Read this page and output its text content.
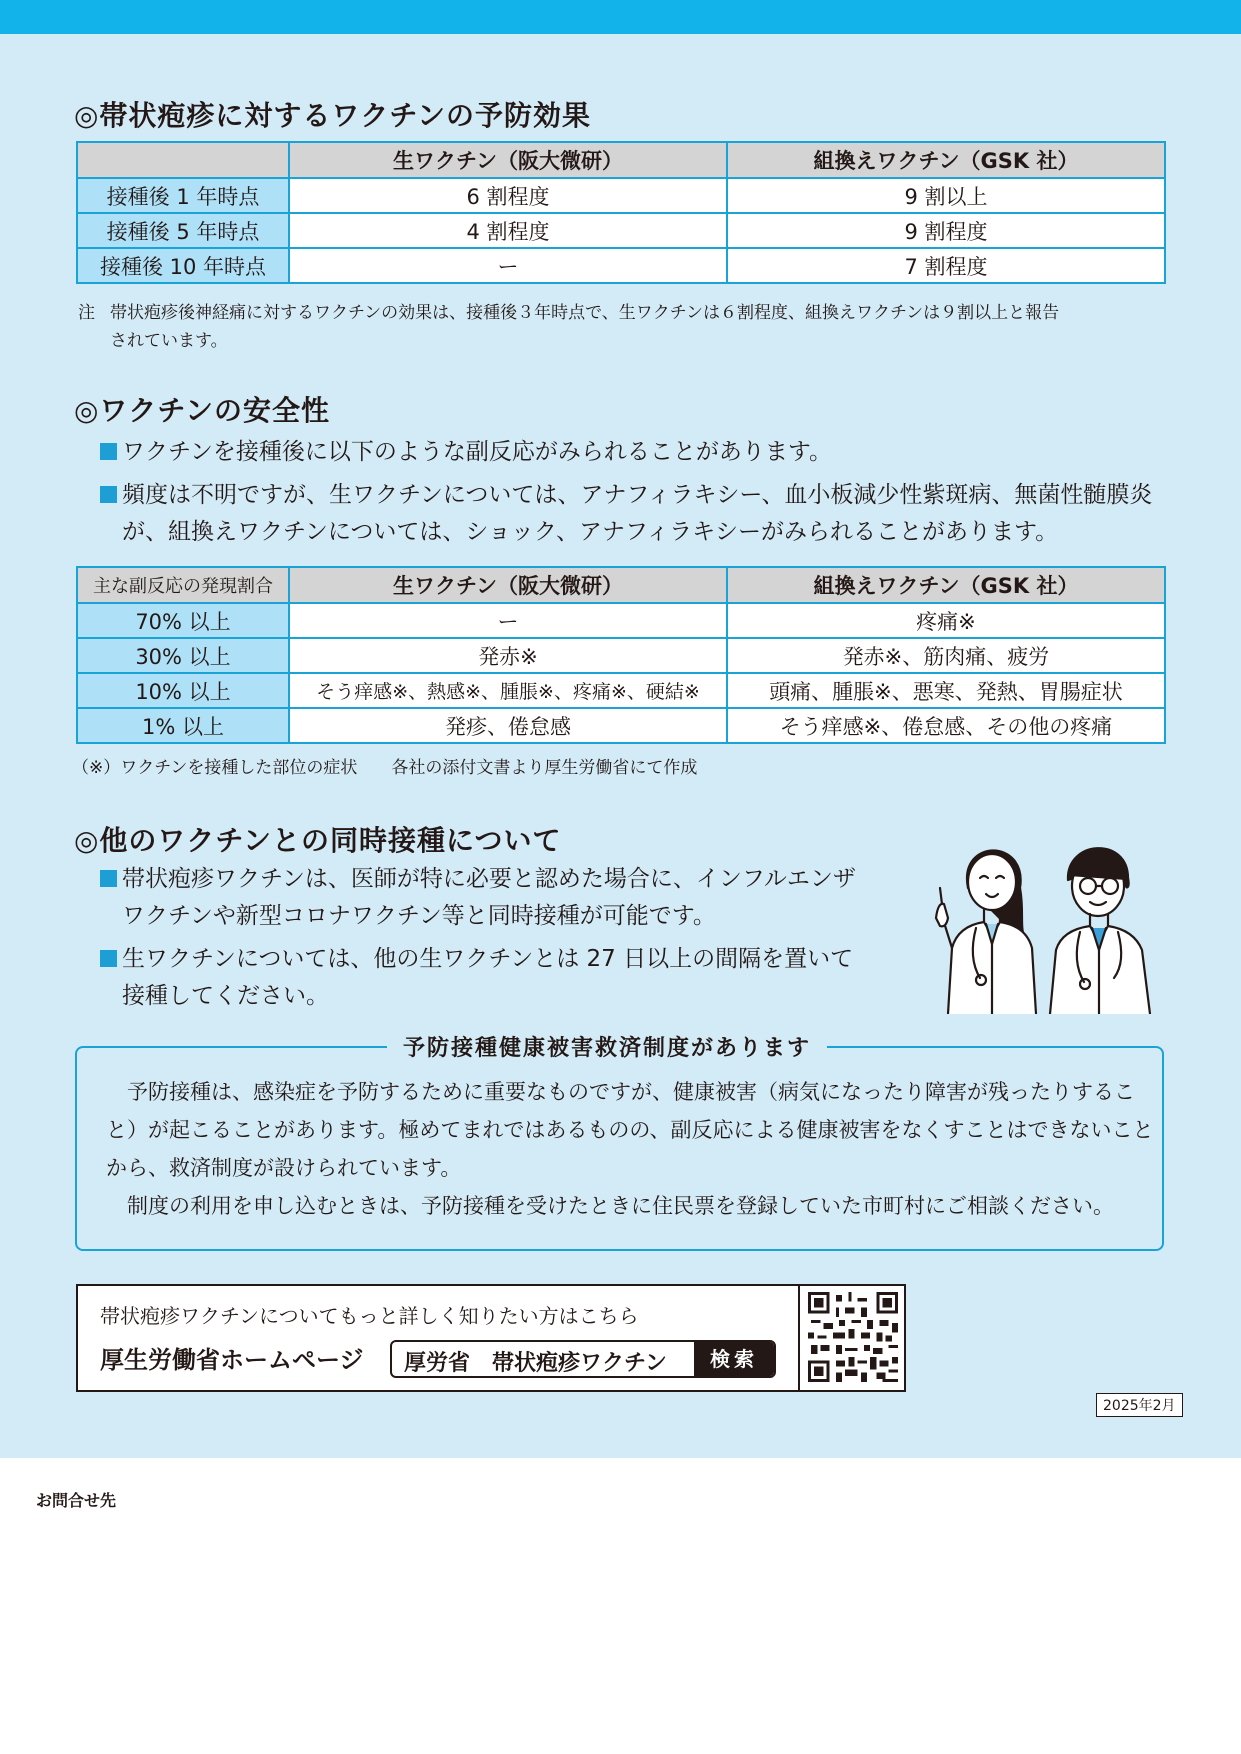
◎帯状疱疹に対するワクチンの予防効果
	生ワクチン（阪大微研）	組換えワクチン（GSK 社）
接種後 1 年時点	6 割程度	9 割以上
接種後 5 年時点	4 割程度	9 割程度
接種後 10 年時点	ー	7 割程度
注 帯状疱疹後神経痛に対するワクチンの効果は、接種後３年時点で、生ワクチンは６割程度、組換えワクチンは９割以上と報告
されています。
◎ワクチンの安全性
ワクチンを接種後に以下のような副反応がみられることがあります。
頻度は不明ですが、生ワクチンについては、アナフィラキシー、血小板減少性紫斑病、無菌性髄膜炎が、組換えワクチンについては、ショック、アナフィラキシーがみられることがあります。
主な副反応の発現割合	生ワクチン（阪大微研）	組換えワクチン（GSK 社）
70% 以上	ー	疼痛※
30% 以上	発赤※	発赤※、筋肉痛、疲労
10% 以上	そう痒感※、熱感※、腫脹※、疼痛※、硬結※	頭痛、腫脹※、悪寒、発熱、胃腸症状
1% 以上	発疹、倦怠感	そう痒感※、倦怠感、その他の疼痛
（※）ワクチンを接種した部位の症状　　各社の添付文書より厚生労働省にて作成
◎他のワクチンとの同時接種について
帯状疱疹ワクチンは、医師が特に必要と認めた場合に、インフルエンザ
ワクチンや新型コロナワクチン等と同時接種が可能です。
生ワクチンについては、他の生ワクチンとは 27 日以上の間隔を置いて
接種してください。
予防接種健康被害救済制度があります

予防接種は、感染症を予防するために重要なものですが、健康被害（病気になったり障害が残ったりすること）が起こることがあります。極めてまれではあるものの、副反応による健康被害をなくすことはできないことから、救済制度が設けられています。

制度の利用を申し込むときは、予防接種を受けたときに住民票を登録していた市町村にご相談ください。

帯状疱疹ワクチンについてもっと詳しく知りたい方はこちら
厚生労働省ホームページ 厚労省　帯状疱疹ワクチン	検索
2025年2月
お問合せ先
